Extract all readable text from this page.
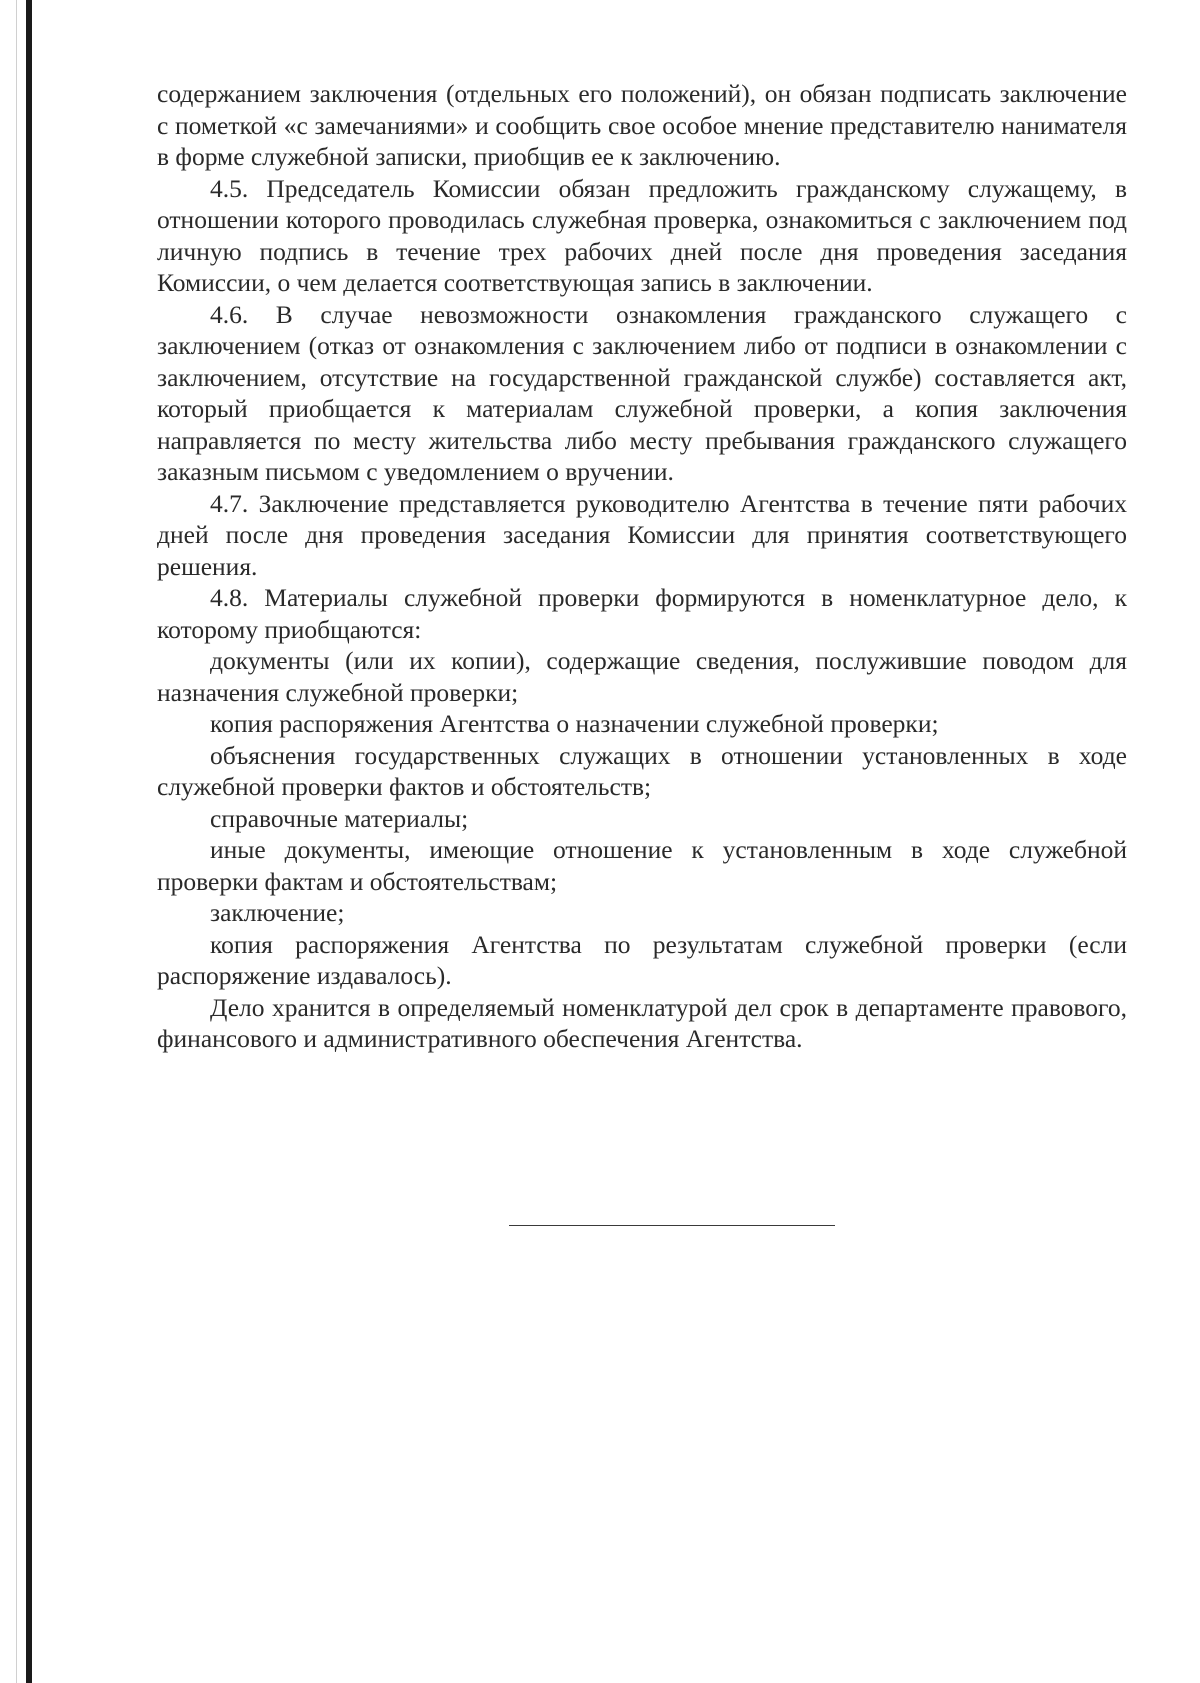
содержанием заключения (отдельных его положений), он обязан подписать заключение с пометкой «с замечаниями» и сообщить свое особое мнение представителю нанимателя в форме служебной записки, приобщив ее к заключению.

4.5. Председатель Комиссии обязан предложить гражданскому служащему, в отношении которого проводилась служебная проверка, ознакомиться с заключением под личную подпись в течение трех рабочих дней после дня проведения заседания Комиссии, о чем делается соответствующая запись в заключении.

4.6. В случае невозможности ознакомления гражданского служащего с заключением (отказ от ознакомления с заключением либо от подписи в ознакомлении с заключением, отсутствие на государственной гражданской службе) составляется акт, который приобщается к материалам служебной проверки, а копия заключения направляется по месту жительства либо месту пребывания гражданского служащего заказным письмом с уведомлением о вручении.

4.7. Заключение представляется руководителю Агентства в течение пяти рабочих дней после дня проведения заседания Комиссии для принятия соответствующего решения.

4.8. Материалы служебной проверки формируются в номенклатурное дело, к которому приобщаются:

документы (или их копии), содержащие сведения, послужившие поводом для назначения служебной проверки;

копия распоряжения Агентства о назначении служебной проверки;

объяснения государственных служащих в отношении установленных в ходе служебной проверки фактов и обстоятельств;

справочные материалы;

иные документы, имеющие отношение к установленным в ходе служебной проверки фактам и обстоятельствам;

заключение;

копия распоряжения Агентства по результатам служебной проверки (если распоряжение издавалось).

Дело хранится в определяемый номенклатурой дел срок в департаменте правового, финансового и административного обеспечения Агентства.
